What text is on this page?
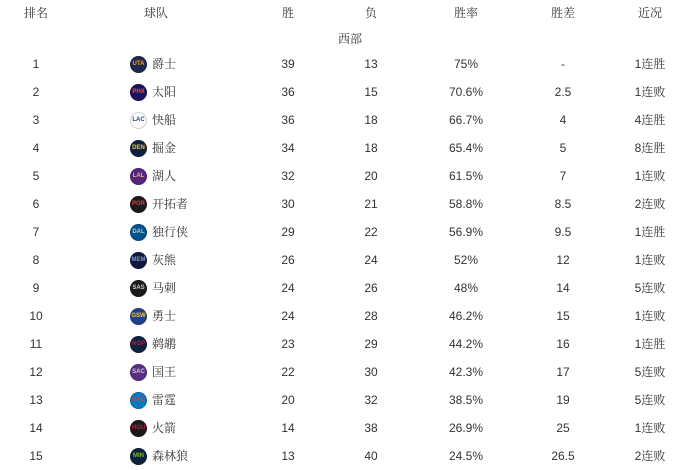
排名	球队	胜	负	胜率	胜差	近况
西部
1	UTA 爵士	39	13	75%	-	1连胜
2	PHX 太阳	36	15	70.6%	2.5	1连败
3	LAC 快船	36	18	66.7%	4	4连胜
4	DEN 掘金	34	18	65.4%	5	8连胜
5	LAL 湖人	32	20	61.5%	7	1连败
6	POR 开拓者	30	21	58.8%	8.5	2连败
7	DAL 独行侠	29	22	56.9%	9.5	1连胜
8	MEM 灰熊	26	24	52%	12	1连败
9	SAS 马刺	24	26	48%	14	5连败
10	GSW 勇士	24	28	46.2%	15	1连败
11	NOP 鹈鹕	23	29	44.2%	16	1连胜
12	SAC 国王	22	30	42.3%	17	5连败
13	OKC 雷霆	20	32	38.5%	19	5连败
14	HOU 火箭	14	38	26.9%	25	1连败
15	MIN 森林狼	13	40	24.5%	26.5	2连败
